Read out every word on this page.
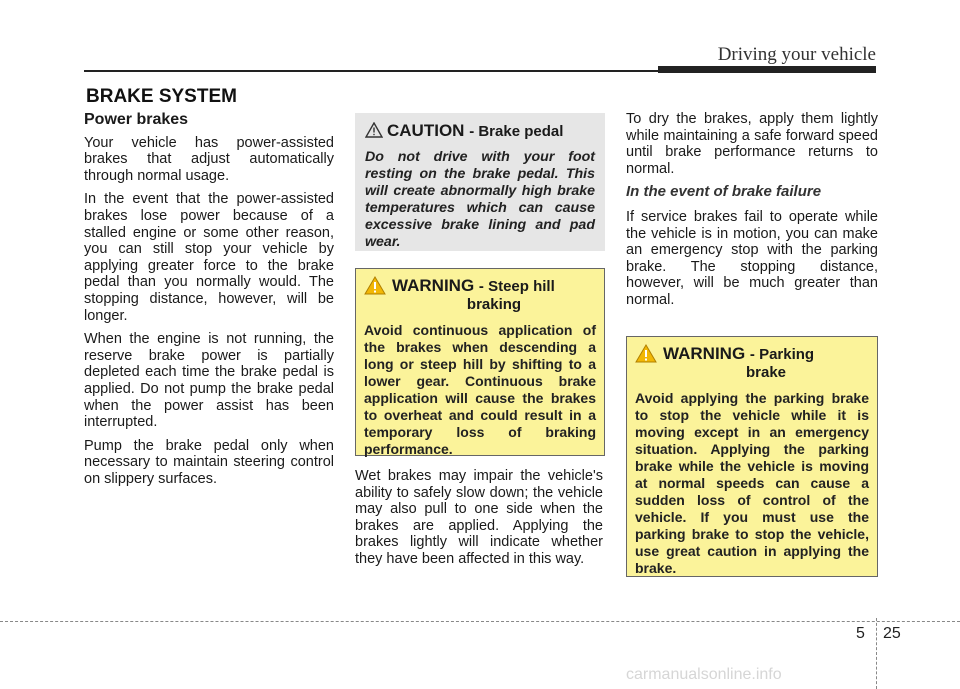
Driving your vehicle
BRAKE SYSTEM
Power brakes

Your vehicle has power-assisted brakes that adjust automatically through normal usage.

In the event that the power-assisted brakes lose power because of a stalled engine or some other reason, you can still stop your vehicle by applying greater force to the brake pedal than you normally would. The stopping distance, however, will be longer.

When the engine is not running, the reserve brake power is partially depleted each time the brake pedal is applied. Do not pump the brake pedal when the power assist has been interrupted.

Pump the brake pedal only when necessary to maintain steering control on slippery surfaces.

CAUTION - Brake pedal
Do not drive with your foot resting on the brake pedal. This will create abnormally high brake temperatures which can cause excessive brake lining and pad wear.
WARNING - Steep hill
braking
Avoid continuous application of the brakes when descending a long or steep hill by shifting to a lower gear. Continuous brake application will cause the brakes to overheat and could result in a temporary loss of braking performance.

Wet brakes may impair the vehicle's ability to safely slow down; the vehicle may also pull to one side when the brakes are applied. Applying the brakes lightly will indicate whether they have been affected in this way.

To dry the brakes, apply them lightly while maintaining a safe forward speed until brake performance returns to normal.

In the event of brake failure

If service brakes fail to operate while the vehicle is in motion, you can make an emergency stop with the parking brake. The stopping distance, however, will be much greater than normal.

WARNING - Parking
brake
Avoid applying the parking brake to stop the vehicle while it is moving except in an emergency situation. Applying the parking brake while the vehicle is moving at normal speeds can cause a sudden loss of control of the vehicle. If you must use the parking brake to stop the vehicle, use great caution in applying the brake.
5 25
carmanualsonline.info
